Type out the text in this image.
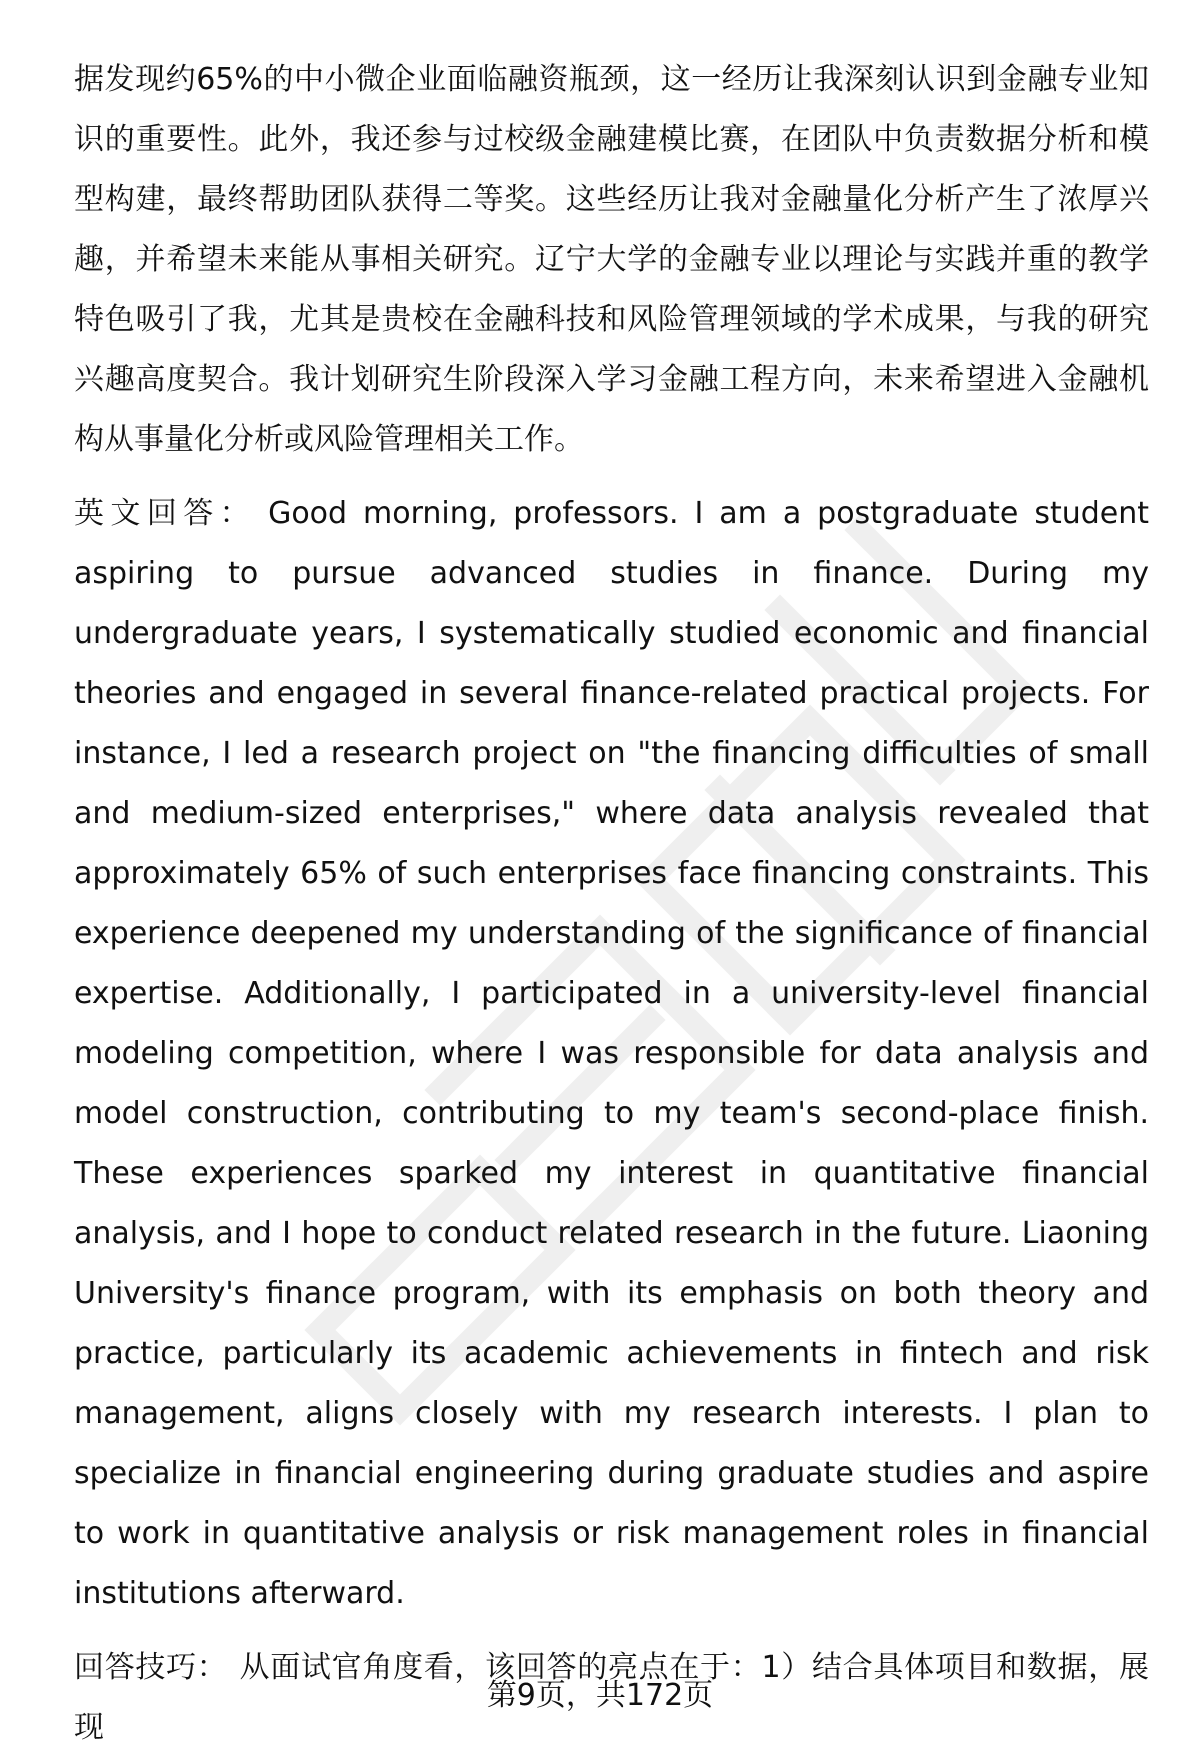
据发现约65%的中小微企业面临融资瓶颈，这一经历让我深刻认识到金融专业知识的重要性。此外，我还参与过校级金融建模比赛，在团队中负责数据分析和模型构建，最终帮助团队获得二等奖。这些经历让我对金融量化分析产生了浓厚兴趣，并希望未来能从事相关研究。辽宁大学的金融专业以理论与实践并重的教学特色吸引了我，尤其是贵校在金融科技和风险管理领域的学术成果，与我的研究兴趣高度契合。我计划研究生阶段深入学习金融工程方向，未来希望进入金融机构从事量化分析或风险管理相关工作。

英文回答： Good morning, professors. I am a postgraduate student aspiring to pursue advanced studies in finance. During my undergraduate years, I systematically studied economic and financial theories and engaged in several finance-related practical projects. For instance, I led a research project on "the financing difficulties of small and medium-sized enterprises," where data analysis revealed that approximately 65% of such enterprises face financing constraints. This experience deepened my understanding of the significance of financial expertise. Additionally, I participated in a university-level financial modeling competition, where I was responsible for data analysis and model construction, contributing to my team's second-place finish. These experiences sparked my interest in quantitative financial analysis, and I hope to conduct related research in the future. Liaoning University's finance program, with its emphasis on both theory and practice, particularly its academic achievements in fintech and risk management, aligns closely with my research interests. I plan to specialize in financial engineering during graduate studies and aspire to work in quantitative analysis or risk management roles in financial institutions afterward.

回答技巧： 从面试官角度看，该回答的亮点在于：1）结合具体项目和数据，展现

第9页，共172页
